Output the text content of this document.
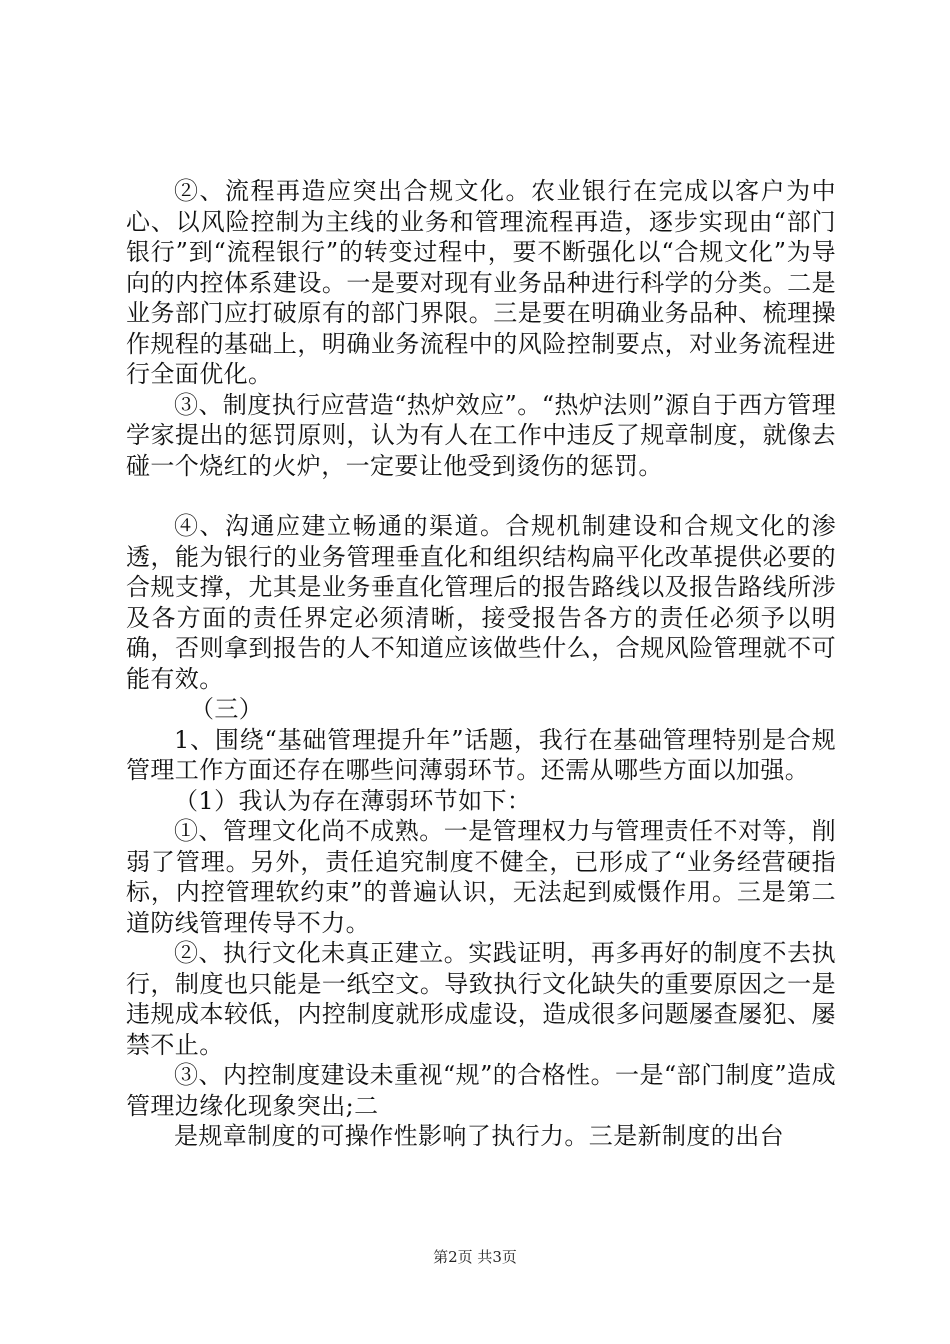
②、流程再造应突出合规文化。农业银行在完成以客户为中心、以风险控制为主线的业务和管理流程再造，逐步实现由“部门银行”到“流程银行”的转变过程中，要不断强化以“合规文化”为导向的内控体系建设。一是要对现有业务品种进行科学的分类。二是业务部门应打破原有的部门界限。三是要在明确业务品种、梳理操作规程的基础上，明确业务流程中的风险控制要点，对业务流程进行全面优化。

③、制度执行应营造“热炉效应”。“热炉法则”源自于西方管理学家提出的惩罚原则，认为有人在工作中违反了规章制度，就像去碰一个烧红的火炉，一定要让他受到烫伤的惩罚。

④、沟通应建立畅通的渠道。合规机制建设和合规文化的渗透，能为银行的业务管理垂直化和组织结构扁平化改革提供必要的合规支撑，尤其是业务垂直化管理后的报告路线以及报告路线所涉及各方面的责任界定必须清晰，接受报告各方的责任必须予以明确，否则拿到报告的人不知道应该做些什么，合规风险管理就不可能有效。

（三）

1、围绕“基础管理提升年”话题，我行在基础管理特别是合规管理工作方面还存在哪些问薄弱环节。还需从哪些方面以加强。

（1）我认为存在薄弱环节如下：

①、管理文化尚不成熟。一是管理权力与管理责任不对等，削弱了管理。另外，责任追究制度不健全，已形成了“业务经营硬指标，内控管理软约束”的普遍认识，无法起到威慑作用。三是第二道防线管理传导不力。

②、执行文化未真正建立。实践证明，再多再好的制度不去执行，制度也只能是一纸空文。导致执行文化缺失的重要原因之一是违规成本较低，内控制度就形成虚设，造成很多问题屡查屡犯、屡禁不止。

③、内控制度建设未重视“规”的合格性。一是“部门制度”造成管理边缘化现象突出;二

是规章制度的可操作性影响了执行力。三是新制度的出台

第2页 共3页
